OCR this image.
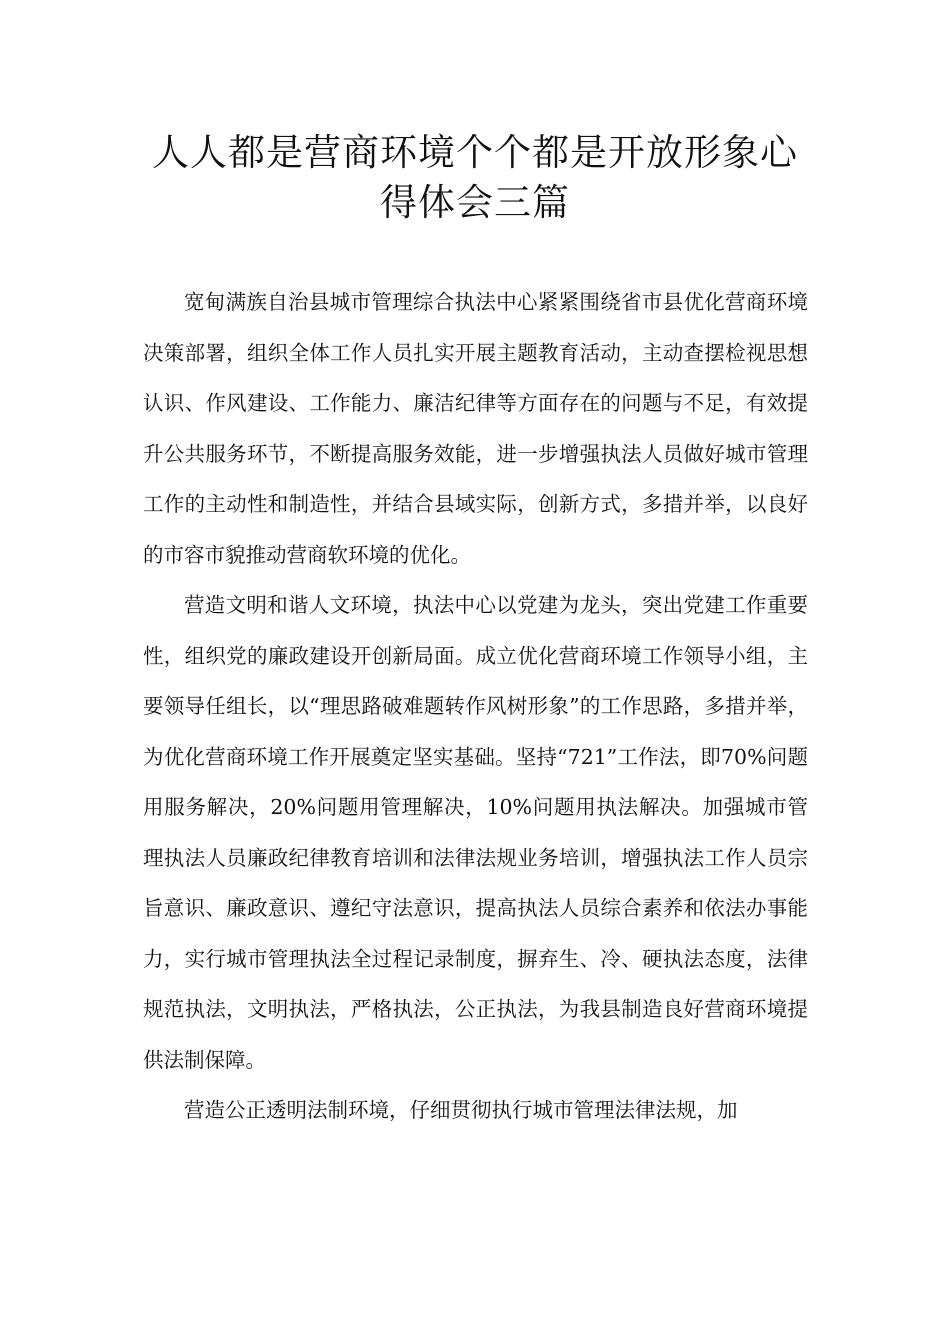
人人都是营商环境个个都是开放形象心
得体会三篇

宽甸满族自治县城市管理综合执法中心紧紧围绕省市县优化营商环境决策部署，组织全体工作人员扎实开展主题教育活动，主动查摆检视思想认识、作风建设、工作能力、廉洁纪律等方面存在的问题与不足，有效提升公共服务环节，不断提高服务效能，进一步增强执法人员做好城市管理工作的主动性和制造性，并结合县域实际，创新方式，多措并举，以良好的市容市貌推动营商软环境的优化。

营造文明和谐人文环境，执法中心以党建为龙头，突出党建工作重要性，组织党的廉政建设开创新局面。成立优化营商环境工作领导小组，主要领导任组长，以“理思路破难题转作风树形象”的工作思路，多措并举，为优化营商环境工作开展奠定坚实基础。坚持“721”工作法，即70%问题用服务解决，20%问题用管理解决，10%问题用执法解决。加强城市管理执法人员廉政纪律教育培训和法律法规业务培训，增强执法工作人员宗旨意识、廉政意识、遵纪守法意识，提高执法人员综合素养和依法办事能力，实行城市管理执法全过程记录制度，摒弃生、冷、硬执法态度，法律规范执法，文明执法，严格执法，公正执法，为我县制造良好营商环境提供法制保障。

营造公正透明法制环境，仔细贯彻执行城市管理法律法规，加
